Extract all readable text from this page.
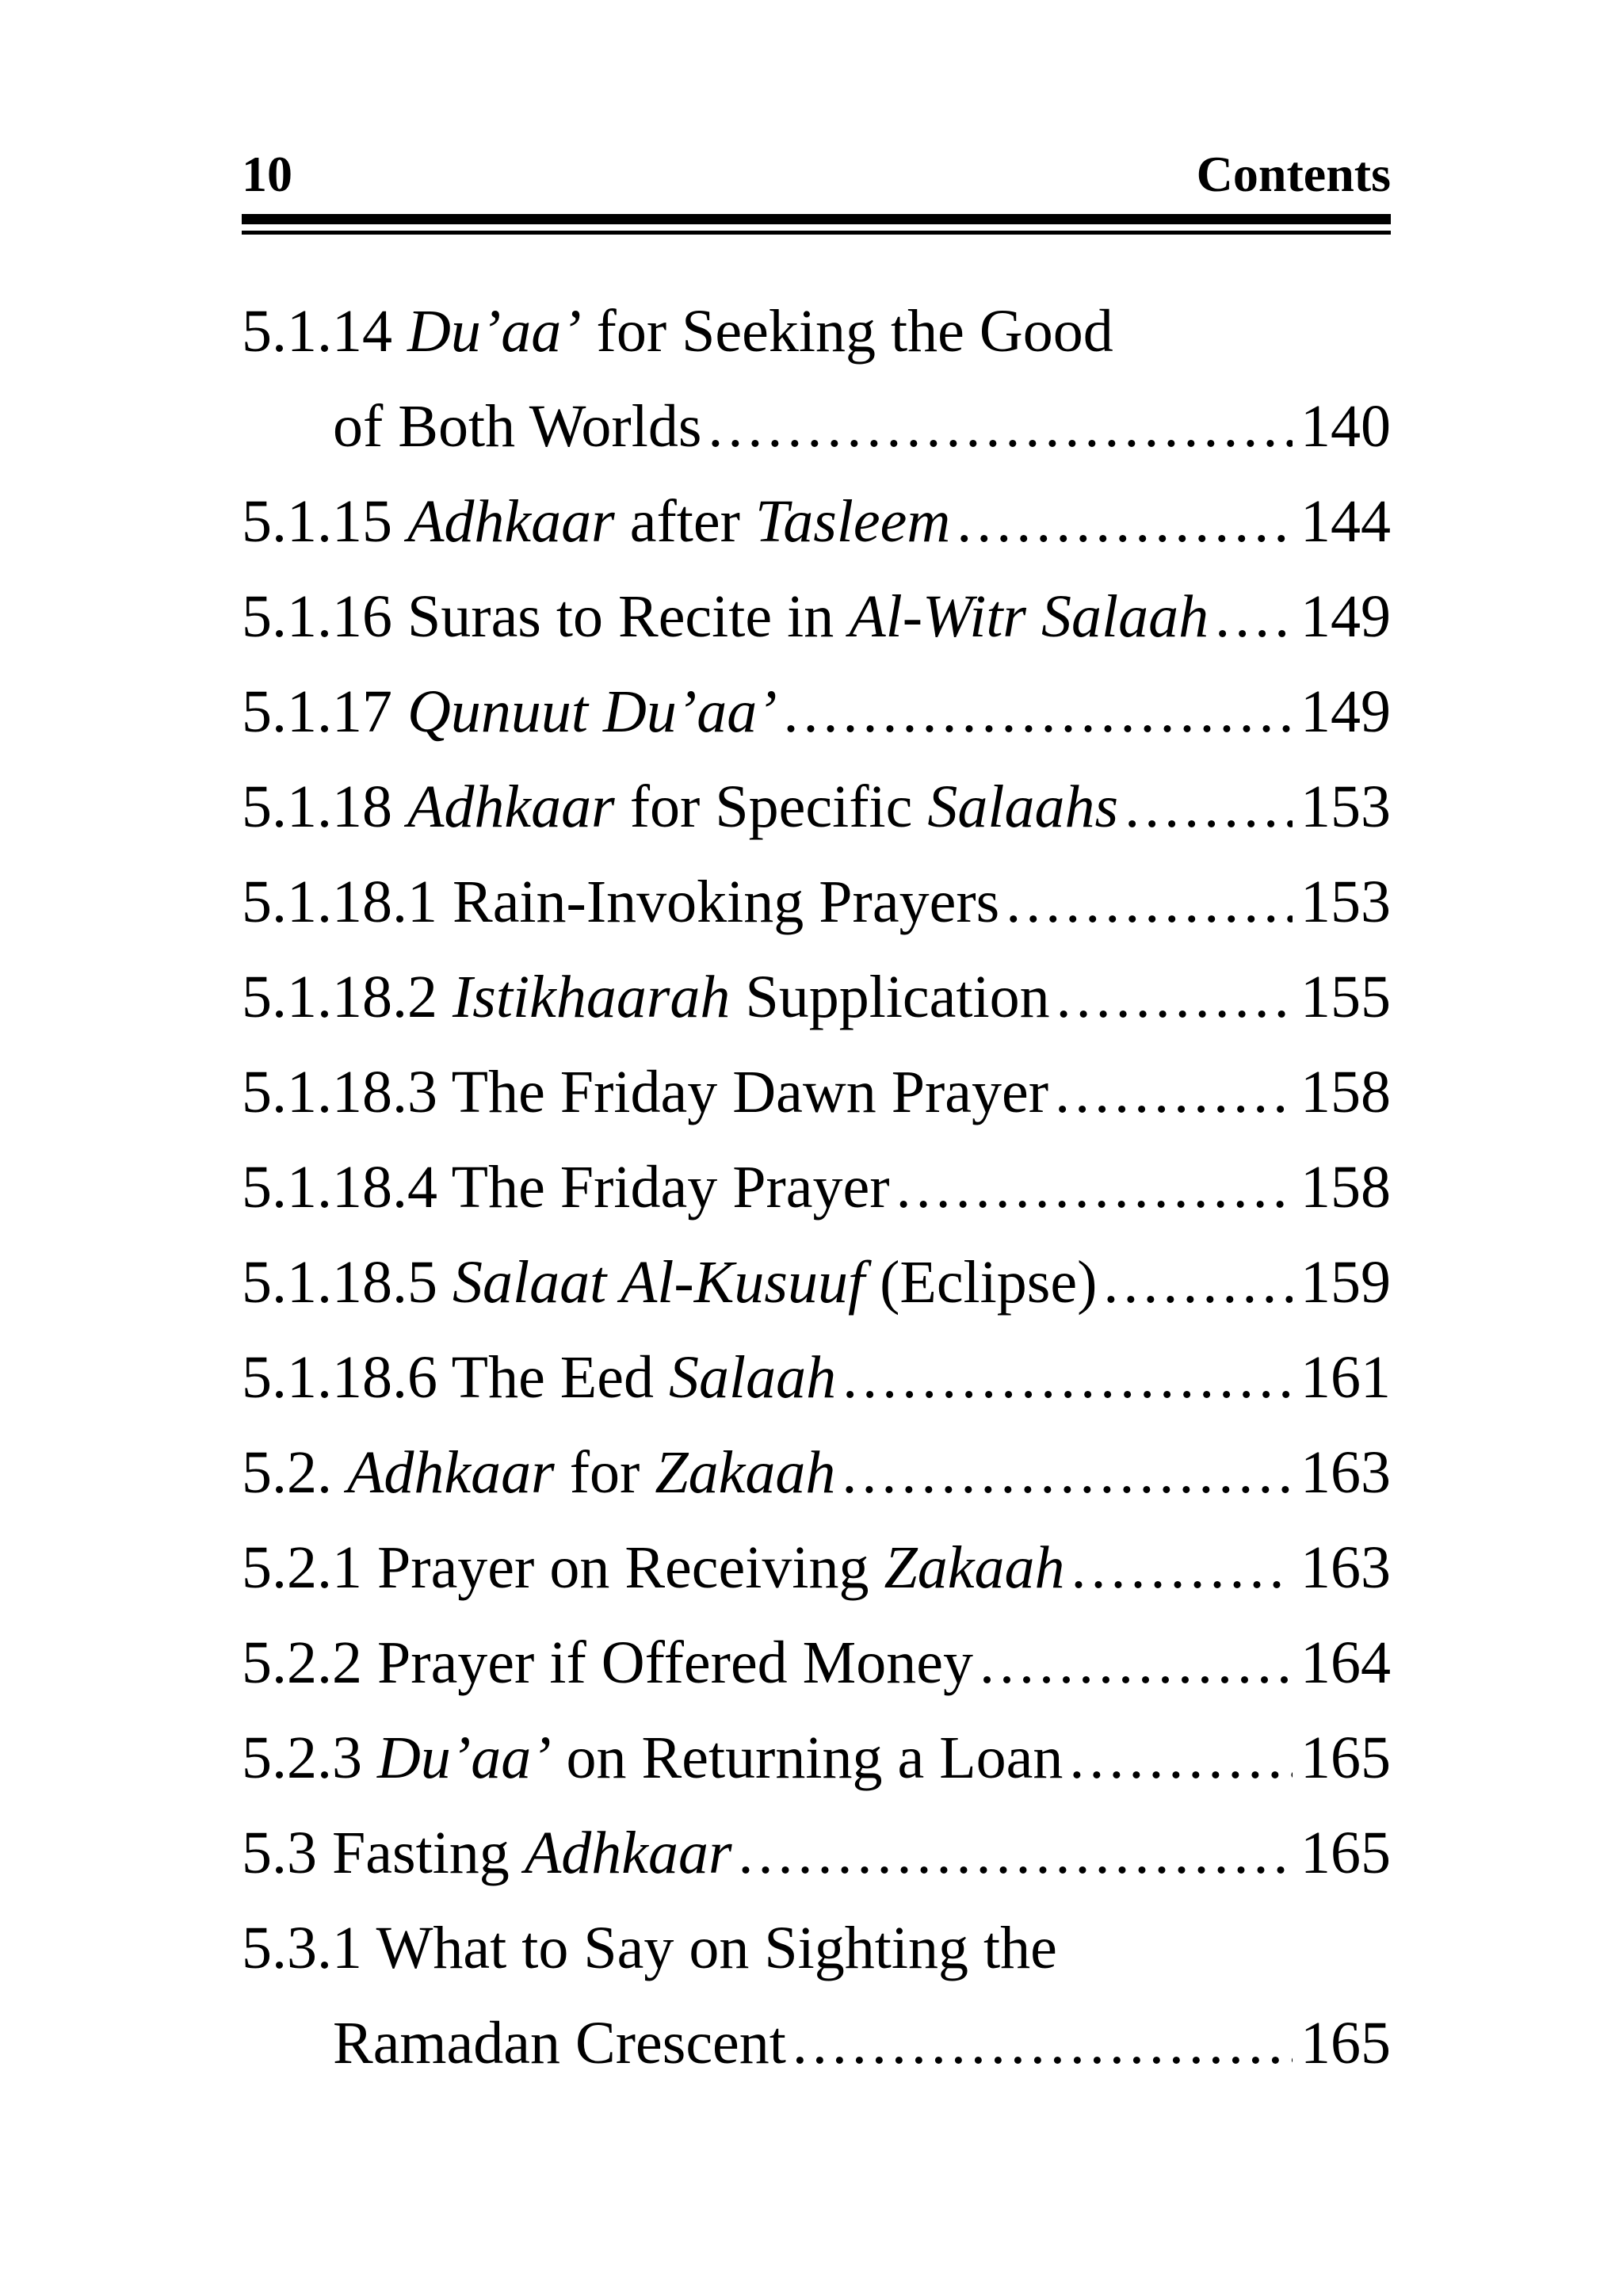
10	Contents
5.1.14 Du’aa’ for Seeking the Good
of Both Worlds .....	140
5.1.15 Adhkaar after Tasleem .....	144
5.1.16 Suras to Recite in Al-Witr Salaah ..... 149
5.1.17 Qunuut Du’aa’ .....	149
5.1.18 Adhkaar for Specific Salaahs .....	153
5.1.18.1 Rain-Invoking Prayers .....	153
5.1.18.2 Istikhaarah Supplication .....	155
5.1.18.3 The Friday Dawn Prayer .....	158
5.1.18.4 The Friday Prayer .....	158
5.1.18.5 Salaat Al-Kusuuf (Eclipse) .....	159
5.1.18.6 The Eed Salaah .....	161
5.2. Adhkaar for Zakaah .....	163
5.2.1 Prayer on Receiving Zakaah .....	163
5.2.2 Prayer if Offered Money .....	164
5.2.3 Du’aa’ on Returning a Loan .....	165
5.3 Fasting Adhkaar .....	165
5.3.1 What to Say on Sighting the
Ramadan Crescent .....	165
